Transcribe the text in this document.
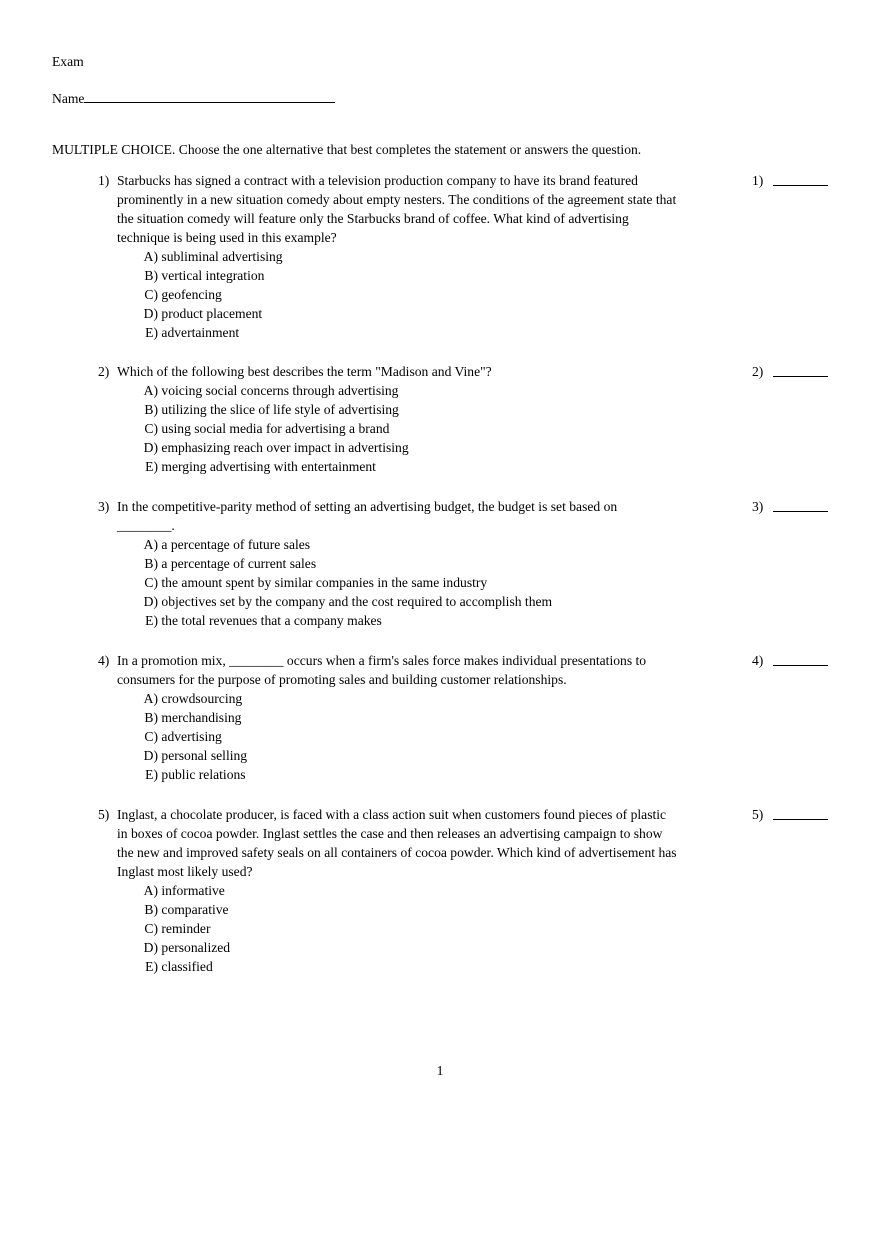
Exam
Name
MULTIPLE CHOICE. Choose the one alternative that best completes the statement or answers the question.
1) Starbucks has signed a contract with a television production company to have its brand featured prominently in a new situation comedy about empty nesters. The conditions of the agreement state that the situation comedy will feature only the Starbucks brand of coffee. What kind of advertising technique is being used in this example?
A) subliminal advertising
B) vertical integration
C) geofencing
D) product placement
E) advertainment
1)
2) Which of the following best describes the term "Madison and Vine"?
A) voicing social concerns through advertising
B) utilizing the slice of life style of advertising
C) using social media for advertising a brand
D) emphasizing reach over impact in advertising
E) merging advertising with entertainment
2)
3) In the competitive-parity method of setting an advertising budget, the budget is set based on ________.
A) a percentage of future sales
B) a percentage of current sales
C) the amount spent by similar companies in the same industry
D) objectives set by the company and the cost required to accomplish them
E) the total revenues that a company makes
3)
4) In a promotion mix, ________ occurs when a firm's sales force makes individual presentations to consumers for the purpose of promoting sales and building customer relationships.
A) crowdsourcing
B) merchandising
C) advertising
D) personal selling
E) public relations
4)
5) Inglast, a chocolate producer, is faced with a class action suit when customers found pieces of plastic in boxes of cocoa powder. Inglast settles the case and then releases an advertising campaign to show the new and improved safety seals on all containers of cocoa powder. Which kind of advertisement has Inglast most likely used?
A) informative
B) comparative
C) reminder
D) personalized
E) classified
5)
1
